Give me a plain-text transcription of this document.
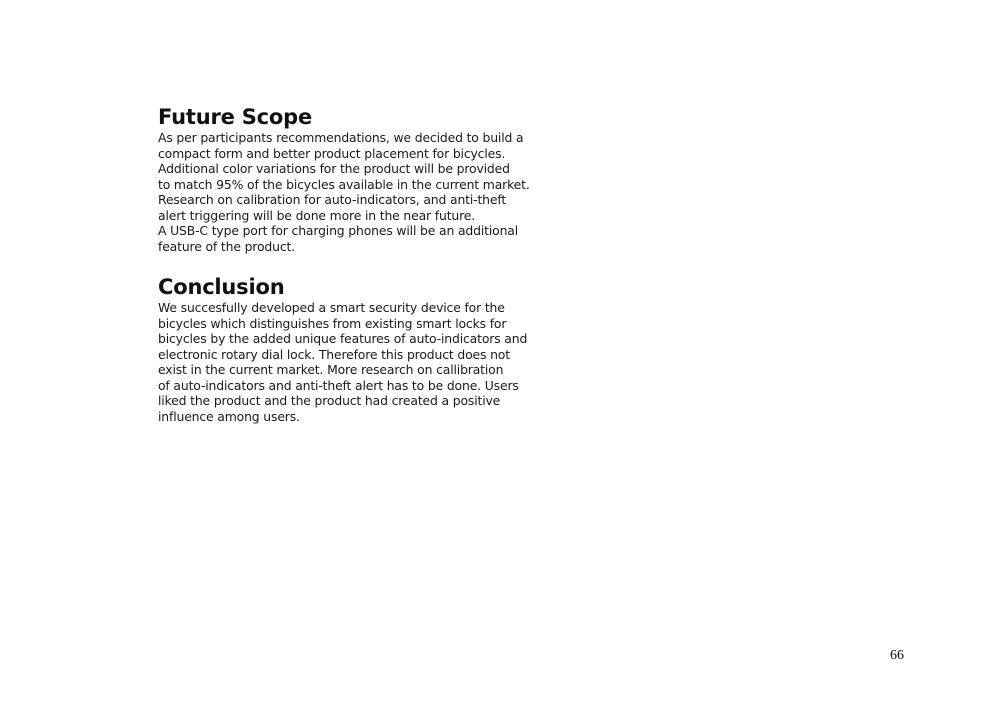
Future Scope

As per participants recommendations, we decided to build a
compact form and better product placement for bicycles.
Additional color variations for the product will be provided
to match 95% of the bicycles available in the current market.
Research on calibration for auto-indicators, and anti-theft
alert triggering will be done more in the near future.
A USB-C type port for charging phones will be an additional
feature of the product.

Conclusion

We succesfully developed a smart security device for the
bicycles which distinguishes from existing smart locks for
bicycles by the added unique features of auto-indicators and
electronic rotary dial lock. Therefore this product does not
exist in the current market. More research on callibration
of auto-indicators and anti-theft alert has to be done. Users
liked the product and the product had created a positive
influence among users.

66
